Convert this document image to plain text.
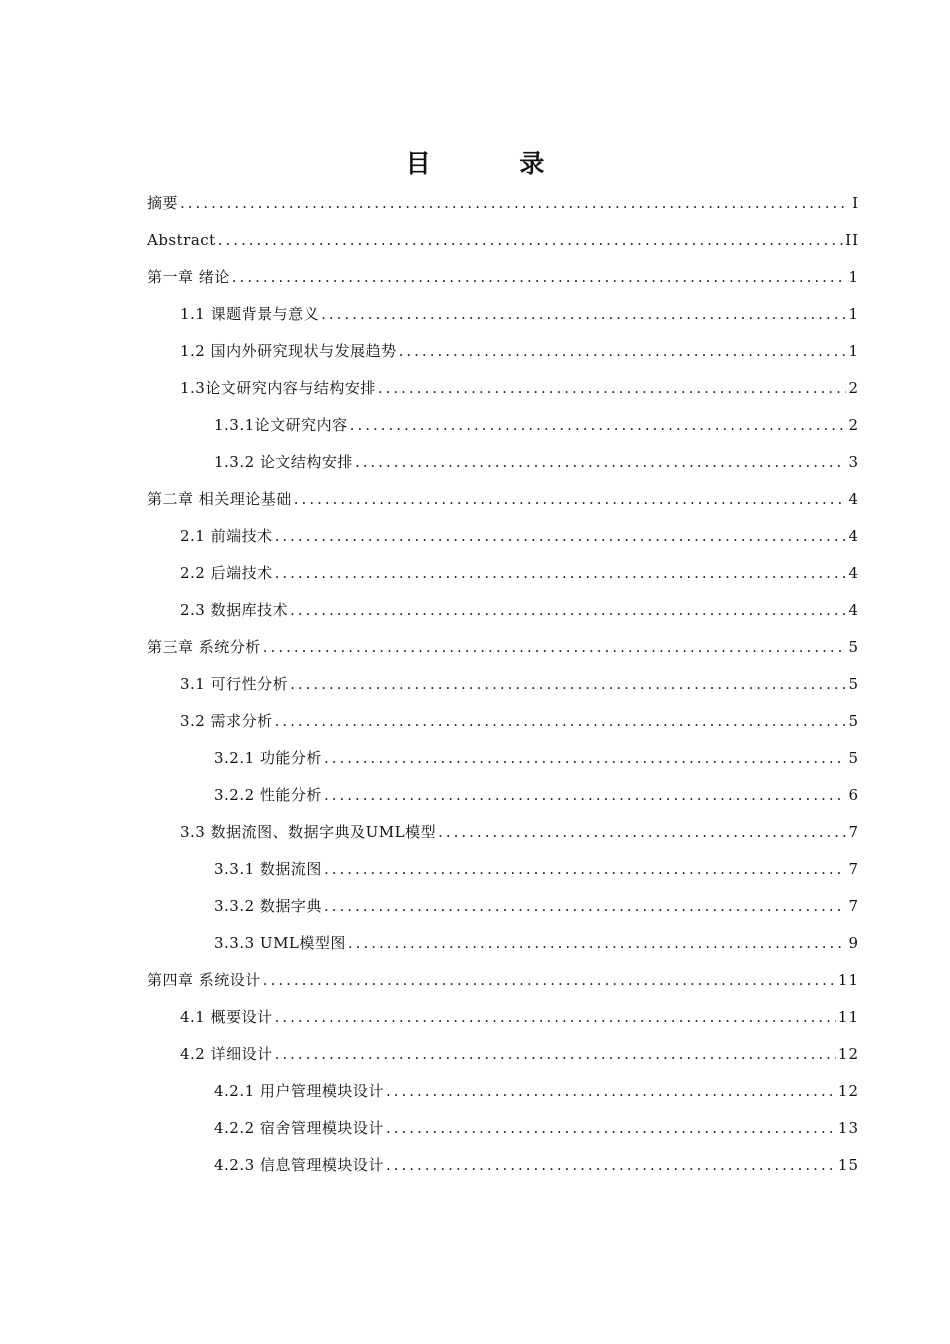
目 录
摘要 .....	I
Abstract .....	II
第一章 绪论 .....	1
1.1 课题背景与意义 .....	1
1.2 国内外研究现状与发展趋势 .....	1
1.3论文研究内容与结构安排 .....	2
1.3.1论文研究内容 .....	2
1.3.2 论文结构安排 .....	3
第二章 相关理论基础 .....	4
2.1 前端技术 .....	4
2.2 后端技术 .....	4
2.3 数据库技术 .....	4
第三章 系统分析 .....	5
3.1 可行性分析 .....	5
3.2 需求分析 .....	5
3.2.1 功能分析 .....	5
3.2.2 性能分析 .....	6
3.3 数据流图、数据字典及UML模型 .....	7
3.3.1 数据流图 .....	7
3.3.2 数据字典 .....	7
3.3.3 UML模型图 .....	9
第四章 系统设计 .....	11
4.1 概要设计 .....	11
4.2 详细设计 .....	12
4.2.1 用户管理模块设计 .....	12
4.2.2 宿舍管理模块设计 .....	13
4.2.3 信息管理模块设计 .....	15
